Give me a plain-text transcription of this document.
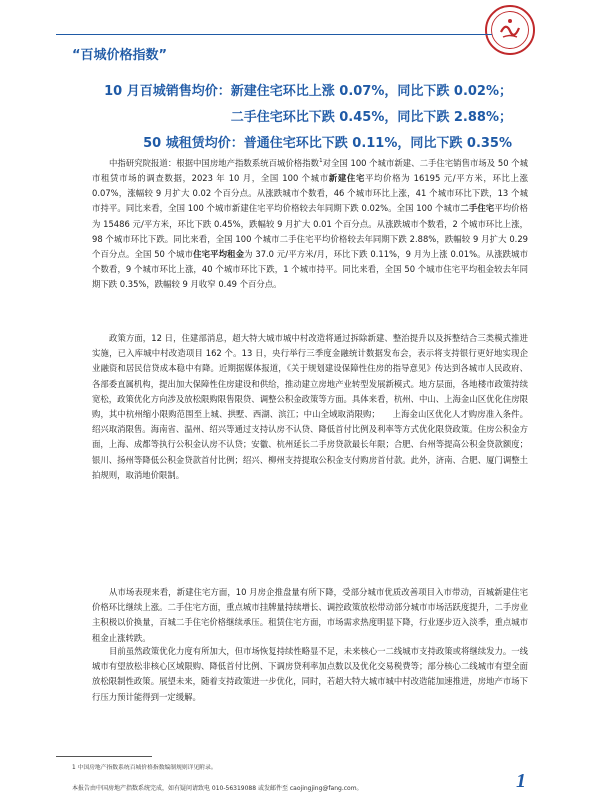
“百城价格指数”
10 月百城销售均价：新建住宅环比上涨 0.07%，同比下跌 0.02%；
二手住宅环比下跌 0.45%，同比下跌 2.88%；
50 城租赁均价：普通住宅环比下跌 0.11%，同比下跌 0.35%

中指研究院报道：根据中国房地产指数系统百城价格指数$^1$对全国 100 个城市新建、二手住宅销售市场及 50 个城市租赁市场的调查数据，2023 年 10 月，全国 100 个城市新建住宅平均价格为 16195 元/平方米，环比上涨 0.07%，涨幅较 9 月扩大 0.02 个百分点。从涨跌城市个数看，46 个城市环比上涨，41 个城市环比下跌，13 个城市持平。同比来看，全国 100 个城市新建住宅平均价格较去年同期下跌 0.02%。全国 100 个城市二手住宅平均价格为 15486 元/平方米，环比下跌 0.45%，跌幅较 9 月扩大 0.01 个百分点。从涨跌城市个数看，2 个城市环比上涨，98 个城市环比下跌。同比来看，全国 100 个城市二手住宅平均价格较去年同期下跌 2.88%，跌幅较 9 月扩大 0.29 个百分点。全国 50 个城市住宅平均租金为 37.0 元/平方米/月，环比下跌 0.11%，9 月为上涨 0.01%。从涨跌城市个数看，9 个城市环比上涨，40 个城市环比下跌，1 个城市持平。同比来看，全国 50 个城市住宅平均租金较去年同期下跌 0.35%，跌幅较 9 月收窄 0.49 个百分点。

政策方面，12 日，住建部消息，超大特大城市城中村改造将通过拆除新建、整治提升以及拆整结合三类模式推进实施，已入库城中村改造项目 162 个。13 日，央行举行三季度金融统计数据发布会，表示将支持银行更好地实现企业融资和居民信贷成本稳中有降。近期据媒体报道，《关于规划建设保障性住房的指导意见》传达到各城市人民政府、各部委直属机构，提出加大保障性住房建设和供给，推动建立房地产业转型发展新模式。地方层面，各地楼市政策持续宽松，政策优化方向涉及放松限购限售限贷、调整公积金政策等方面。具体来看，杭州、中山、上海金山区优化住房限购，其中杭州缩小限购范围至上城、拱墅、西湖、滨江；中山全域取消限购；　　上海金山区优化人才购房准入条件。绍兴取消限售。海南省、温州、绍兴等通过支持认房不认贷、降低首付比例及利率等方式优化限贷政策。住房公积金方面，上海、成都等执行公积金认房不认贷；安徽、杭州延长二手房贷款最长年限；合肥、台州等提高公积金贷款额度；银川、扬州等降低公积金贷款首付比例；绍兴、柳州支持提取公积金支付购房首付款。此外，济南、合肥、厦门调整土拍规则，取消地价限制。

从市场表现来看，新建住宅方面，10 月房企推盘量有所下降，受部分城市优质改善项目入市带动，百城新建住宅价格环比继续上涨。二手住宅方面，重点城市挂牌量持续增长、调控政策放松带动部分城市市场活跃度提升，二手房业主积极以价换量，百城二手住宅价格继续承压。租赁住宅方面，市场需求热度明显下降，行业逐步迈入淡季，重点城市租金止涨转跌。

目前虽然政策优化力度有所加大，但市场恢复持续性略显不足，未来核心一二线城市支持政策或将继续发力。一线城市有望放松非核心区域限购、降低首付比例、下调房贷利率加点数以及优化交易税费等；部分核心二线城市有望全面放松限制性政策。展望未来，随着支持政策进一步优化，同时，若超大特大城市城中村改造能加速推进，房地产市场下行压力预计能得到一定缓解。

1 中国房地产指数系统百城价格指数编制规则详见附录。
本报告由中国房地产指数系统完成，如有疑问请致电 010-56319088 或发邮件至 caojingjing@fang.com。	1
